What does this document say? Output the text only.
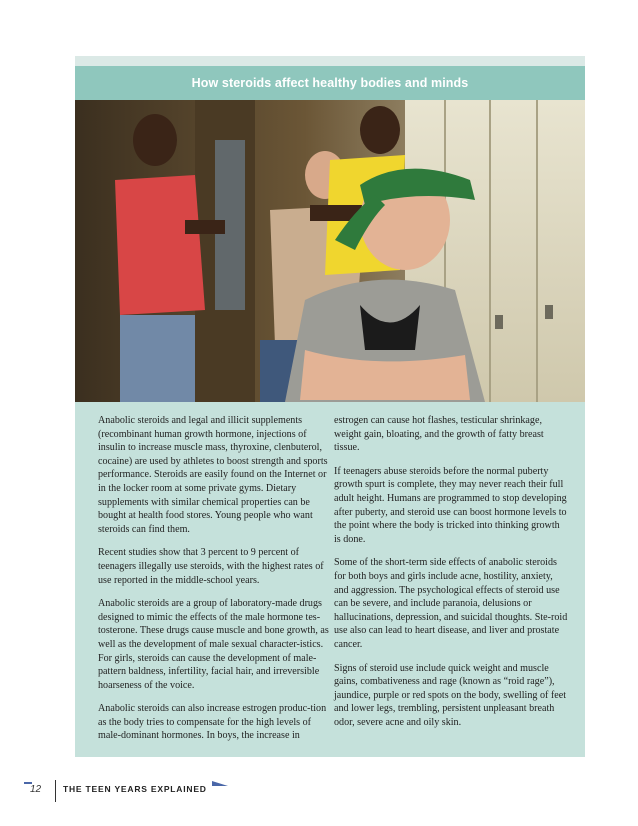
How steroids affect healthy bodies and minds

Anabolic steroids and legal and illicit supplements (recombinant human growth hormone, injections of insulin to increase muscle mass, thyroxine, clenbuterol, cocaine) are used by athletes to boost strength and sports performance. Steroids are easily found on the Internet or in the locker room at some private gyms. Dietary supplements with similar chemical properties can be bought at health food stores. Young people who want steroids can find them.

Recent studies show that 3 percent to 9 percent of teenagers illegally use steroids, with the highest rates of use reported in the middle-school years.

Anabolic steroids are a group of laboratory-made drugs designed to mimic the effects of the male hormone tes-tosterone. These drugs cause muscle and bone growth, as well as the development of male sexual character-istics. For girls, steroids can cause the development of male-pattern baldness, infertility, facial hair, and irreversible hoarseness of the voice.

Anabolic steroids can also increase estrogen produc-tion as the body tries to compensate for the high levels of male-dominant hormones. In boys, the increase in

estrogen can cause hot flashes, testicular shrinkage, weight gain, bloating, and the growth of fatty breast tissue.

If teenagers abuse steroids before the normal puberty growth spurt is complete, they may never reach their full adult height. Humans are programmed to stop developing after puberty, and steroid use can boost hormone levels to the point where the body is tricked into thinking growth is done.

Some of the short-term side effects of anabolic steroids for both boys and girls include acne, hostility, anxiety, and aggression. The psychological effects of steroid use can be severe, and include paranoia, delusions or hallucinations, depression, and suicidal thoughts. Ste-roid use also can lead to heart disease, and liver and prostate cancer.

Signs of steroid use include quick weight and muscle gains, combativeness and rage (known as “roid rage”), jaundice, purple or red spots on the body, swelling of feet and lower legs, trembling, persistent unpleasant breath odor, severe acne and oily skin.

12	THE TEEN YEARS EXPLAINED
